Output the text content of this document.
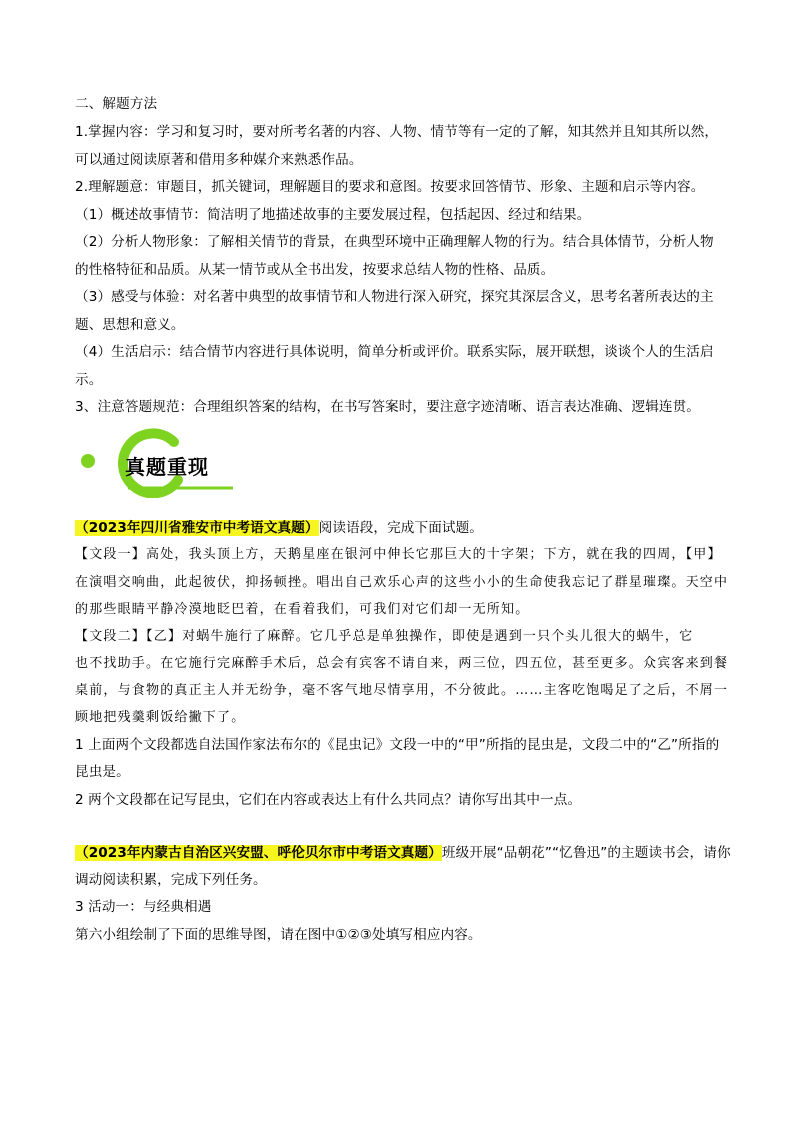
二、解题方法
1.掌握内容：学习和复习时，要对所考名著的内容、人物、情节等有一定的了解，知其然并且知其所以然，
可以通过阅读原著和借用多种媒介来熟悉作品。
2.理解题意：审题目，抓关键词，理解题目的要求和意图。按要求回答情节、形象、主题和启示等内容。
（1）概述故事情节：简洁明了地描述故事的主要发展过程，包括起因、经过和结果。
（2）分析人物形象：了解相关情节的背景，在典型环境中正确理解人物的行为。结合具体情节，分析人物
的性格特征和品质。从某一情节或从全书出发，按要求总结人物的性格、品质。
（3）感受与体验：对名著中典型的故事情节和人物进行深入研究，探究其深层含义，思考名著所表达的主
题、思想和意义。
（4）生活启示：结合情节内容进行具体说明，简单分析或评价。联系实际，展开联想，谈谈个人的生活启
示。
3、注意答题规范：合理组织答案的结构，在书写答案时，要注意字迹清晰、语言表达准确、逻辑连贯。
真题重现
（2023年四川省雅安市中考语文真题）阅读语段，完成下面试题。
【文段一】高处，我头顶上方，天鹅星座在银河中伸长它那巨大的十字架；下方，就在我的四周，【甲】
在演唱交响曲，此起彼伏，抑扬顿挫。唱出自己欢乐心声的这些小小的生命使我忘记了群星璀璨。天空中
的那些眼睛平静冷漠地眨巴着，在看着我们，可我们对它们却一无所知。
【文段二】【乙】对蜗牛施行了麻醉。它几乎总是单独操作，即使是遇到一只个头儿很大的蜗牛，它
也不找助手。在它施行完麻醉手术后，总会有宾客不请自来，两三位，四五位，甚至更多。众宾客来到餐
桌前，与食物的真正主人并无纷争，毫不客气地尽情享用，不分彼此。……主客吃饱喝足了之后，不屑一
顾地把残羹剩饭给撇下了。
1 上面两个文段都选自法国作家法布尔的《昆虫记》文段一中的“甲”所指的昆虫是，文段二中的“乙”所指的
昆虫是。
2 两个文段都在记写昆虫，它们在内容或表达上有什么共同点？请你写出其中一点。
（2023年内蒙古自治区兴安盟、呼伦贝尔市中考语文真题）班级开展“品朝花”“忆鲁迅”的主题读书会，请你
调动阅读积累，完成下列任务。
3 活动一：与经典相遇
第六小组绘制了下面的思维导图，请在图中①②③处填写相应内容。
